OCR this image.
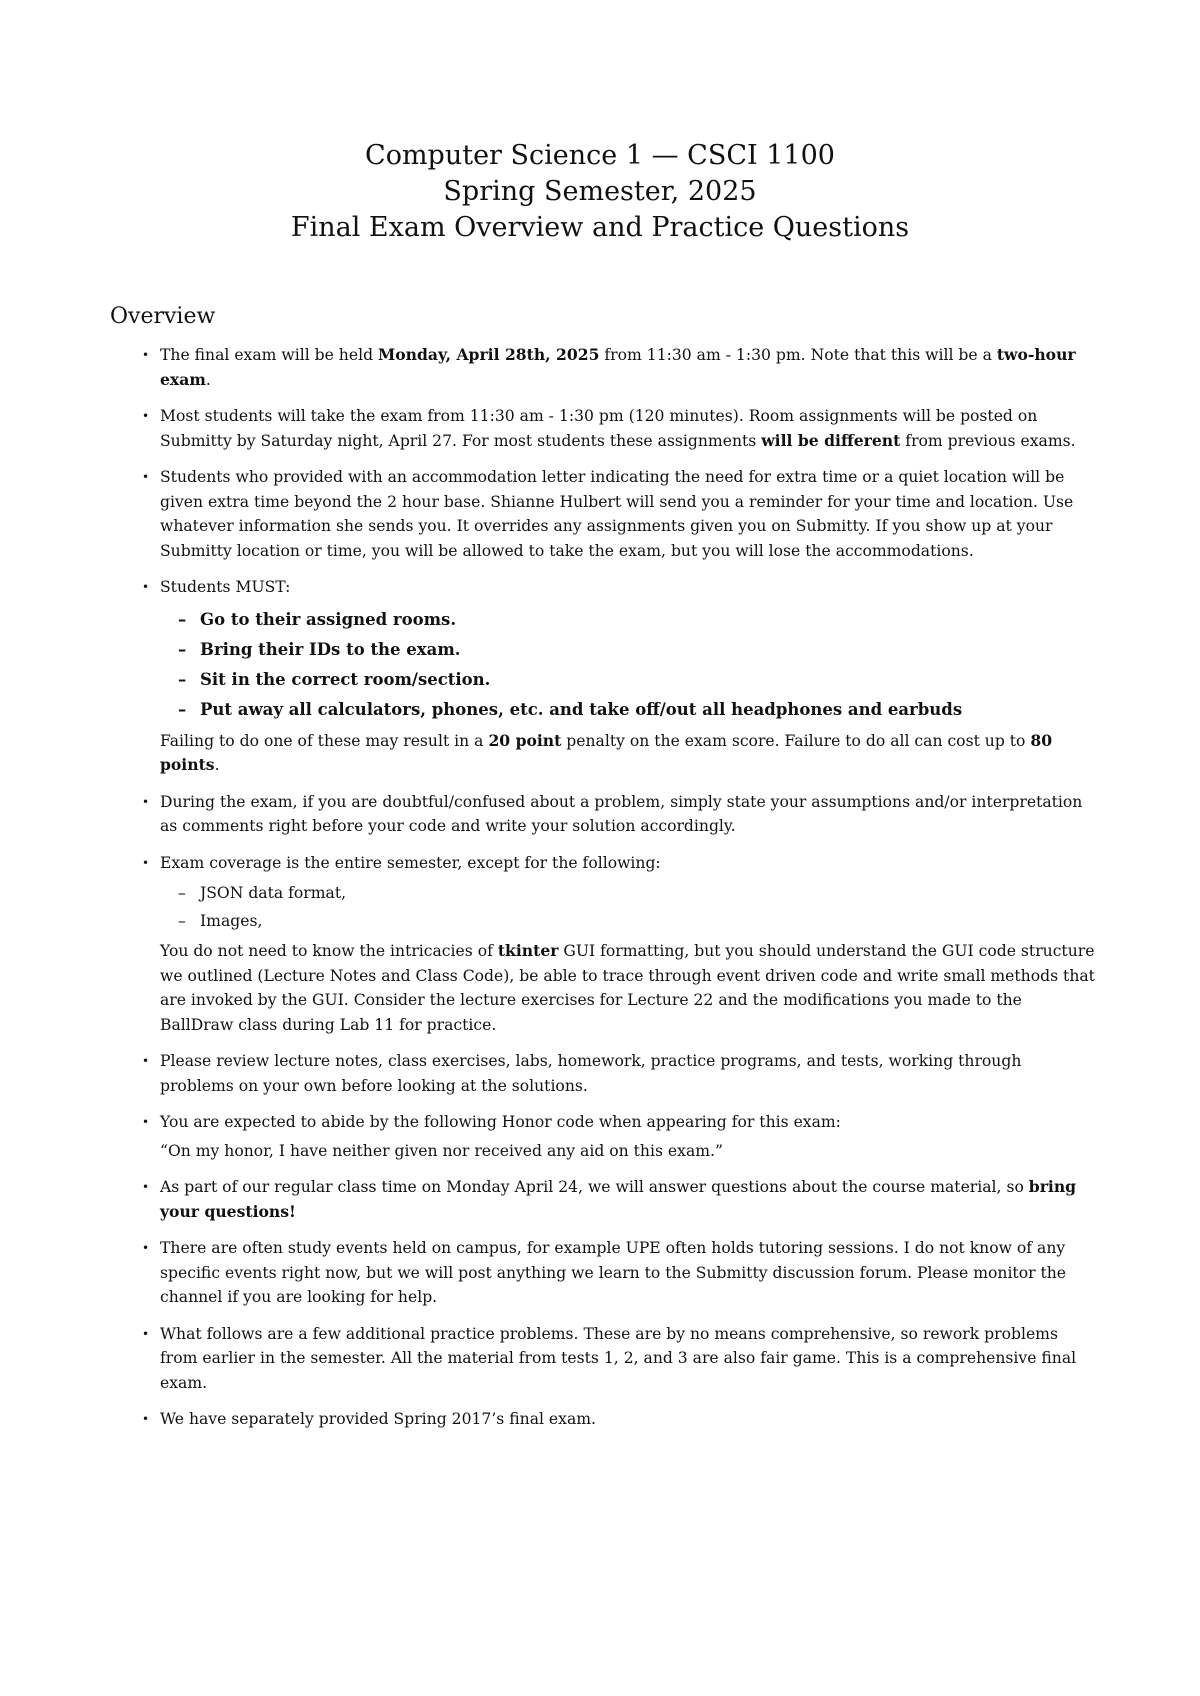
Computer Science 1 — CSCI 1100
Spring Semester, 2025
Final Exam Overview and Practice Questions
Overview
• The final exam will be held Monday, April 28th, 2025 from 11:30 am - 1:30 pm. Note that this will be a two-hour exam.
• Most students will take the exam from 11:30 am - 1:30 pm (120 minutes). Room assignments will be posted on Submitty by Saturday night, April 27. For most students these assignments will be different from previous exams.
• Students who provided with an accommodation letter indicating the need for extra time or a quiet location will be given extra time beyond the 2 hour base. Shianne Hulbert will send you a reminder for your time and location. Use whatever information she sends you. It overrides any assignments given you on Submitty. If you show up at your Submitty location or time, you will be allowed to take the exam, but you will lose the accommodations.
• Students MUST:
– Go to their assigned rooms.
– Bring their IDs to the exam.
– Sit in the correct room/section.
– Put away all calculators, phones, etc. and take off/out all headphones and earbuds
Failing to do one of these may result in a 20 point penalty on the exam score. Failure to do all can cost up to 80 points.
• During the exam, if you are doubtful/confused about a problem, simply state your assumptions and/or interpretation as comments right before your code and write your solution accordingly.
• Exam coverage is the entire semester, except for the following:
– JSON data format,
– Images,
You do not need to know the intricacies of tkinter GUI formatting, but you should understand the GUI code structure we outlined (Lecture Notes and Class Code), be able to trace through event driven code and write small methods that are invoked by the GUI. Consider the lecture exercises for Lecture 22 and the modifications you made to the BallDraw class during Lab 11 for practice.
• Please review lecture notes, class exercises, labs, homework, practice programs, and tests, working through problems on your own before looking at the solutions.
• You are expected to abide by the following Honor code when appearing for this exam:
“On my honor, I have neither given nor received any aid on this exam.”
• As part of our regular class time on Monday April 24, we will answer questions about the course material, so bring your questions!
• There are often study events held on campus, for example UPE often holds tutoring sessions. I do not know of any specific events right now, but we will post anything we learn to the Submitty discussion forum. Please monitor the channel if you are looking for help.
• What follows are a few additional practice problems. These are by no means comprehensive, so rework problems from earlier in the semester. All the material from tests 1, 2, and 3 are also fair game. This is a comprehensive final exam.
• We have separately provided Spring 2017’s final exam.
